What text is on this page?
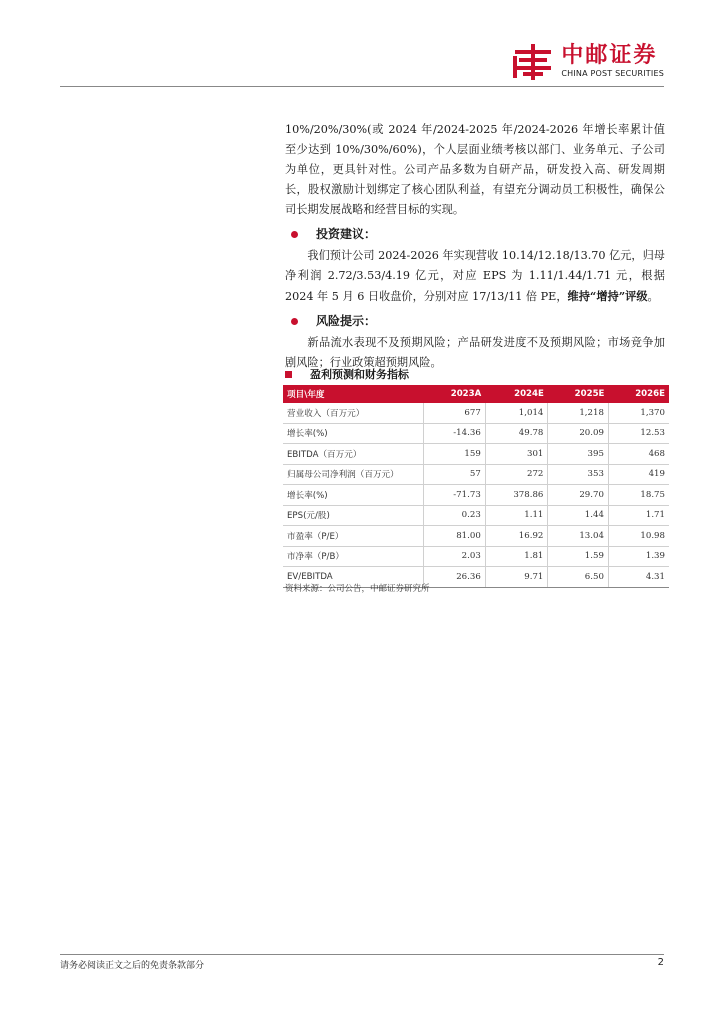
中邮证券
CHINA POST SECURITIES

10%/20%/30%(或 2024 年/2024-2025 年/2024-2026 年增长率累计值至少达到 10%/30%/60%)，个人层面业绩考核以部门、业务单元、子公司为单位，更具针对性。公司产品多数为自研产品，研发投入高、研发周期长，股权激励计划绑定了核心团队利益，有望充分调动员工积极性，确保公司长期发展战略和经营目标的实现。

投资建议：

我们预计公司 2024-2026 年实现营收 10.14/12.18/13.70 亿元，归母净利润 2.72/3.53/4.19 亿元，对应 EPS 为 1.11/1.44/1.71 元，根据 2024 年 5 月 6 日收盘价，分别对应 17/13/11 倍 PE，维持“增持”评级。

风险提示：

新品流水表现不及预期风险；产品研发进度不及预期风险；市场竞争加剧风险；行业政策超预期风险。

盈利预测和财务指标
项目\年度	2023A	2024E	2025E	2026E
营业收入（百万元）	677	1,014	1,218	1,370
增长率(%)	-14.36	49.78	20.09	12.53
EBITDA（百万元）	159	301	395	468
归属母公司净利润（百万元）	57	272	353	419
增长率(%)	-71.73	378.86	29.70	18.75
EPS(元/股)	0.23	1.11	1.44	1.71
市盈率（P/E）	81.00	16.92	13.04	10.98
市净率（P/B）	2.03	1.81	1.59	1.39
EV/EBITDA	26.36	9.71	6.50	4.31
资料来源：公司公告，中邮证券研究所
请务必阅读正文之后的免责条款部分	2
